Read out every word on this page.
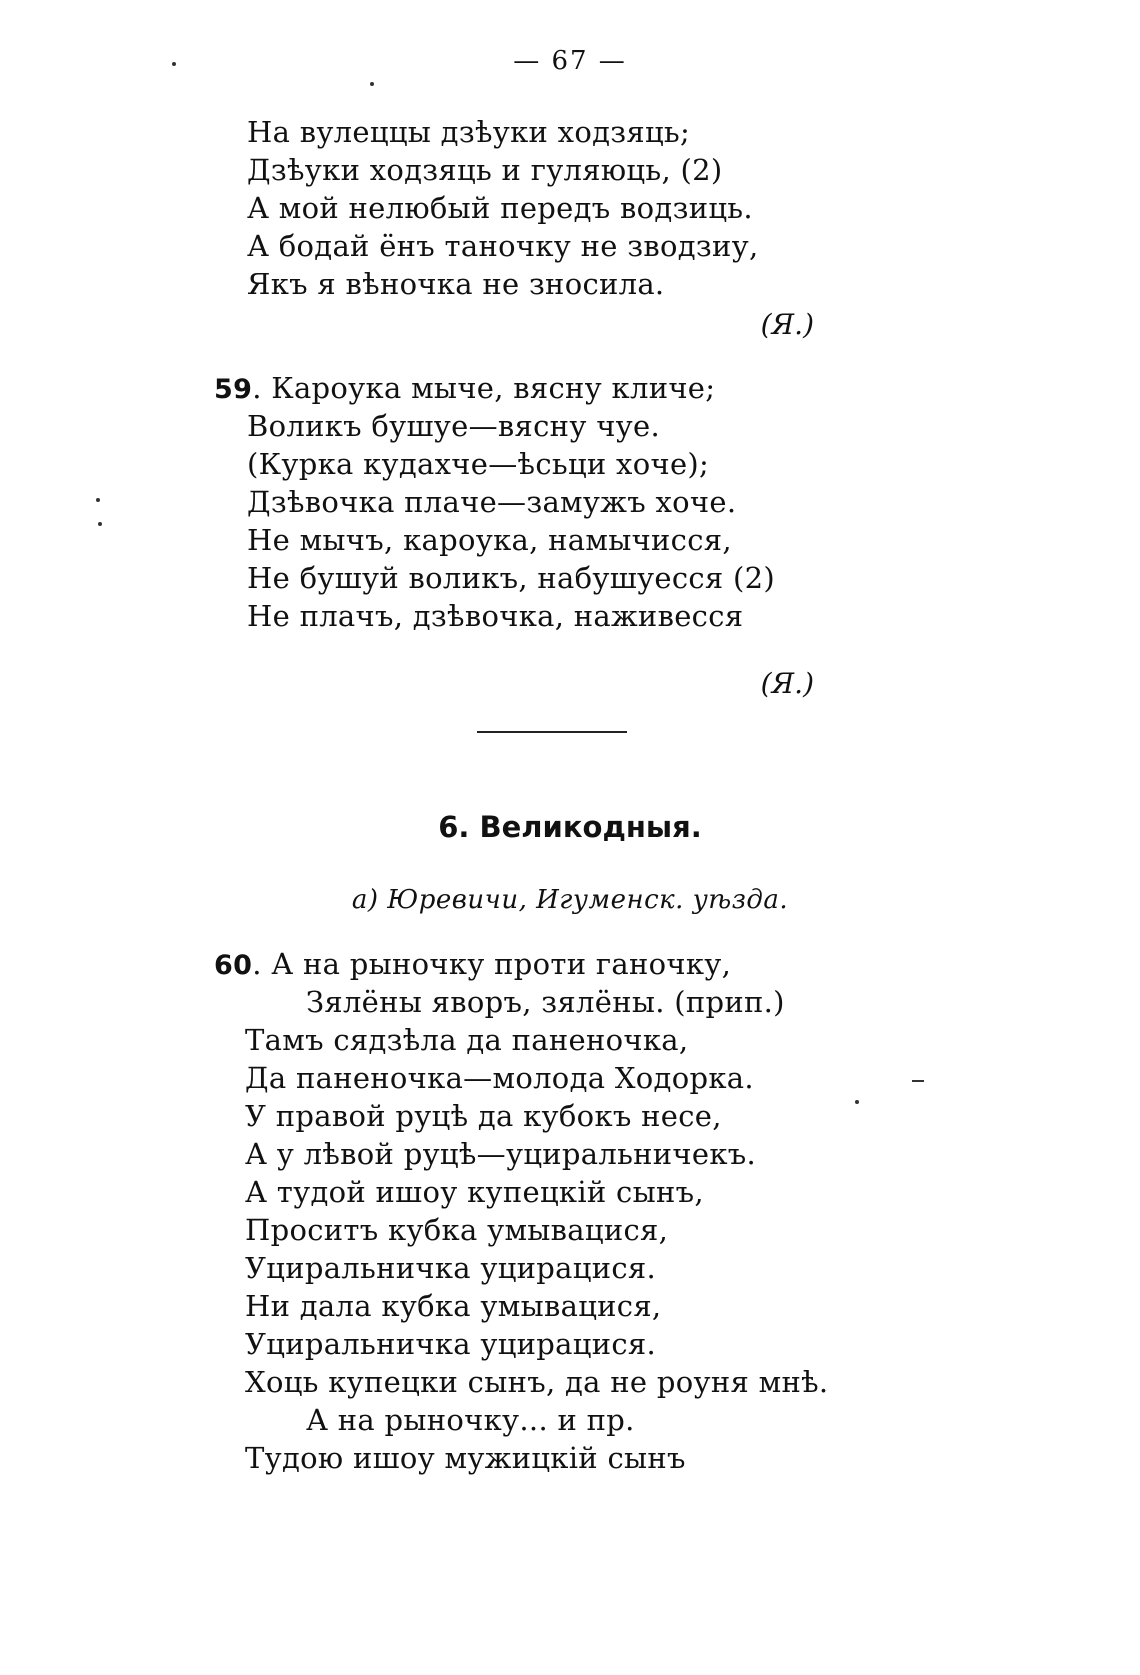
— 67 —
На вулеццы дзѣуки ходзяць;
Дзѣуки ходзяць и гуляюць, (2)
А мой нелюбый передъ водзиць.
А бодай ёнъ таночку не зводзиу,
Якъ я вѣночка не зносила.
(Я.)
59. Кароука мыче, вясну кличе;
Воликъ бушуе—вясну чуе.
(Курка кудахче—ѣсьци хоче);
Дзѣвочка плаче—замужъ хоче.
Не мычъ, кароука, намычисся,
Не бушуй воликъ, набушуесся (2)
Не плачъ, дзѣвочка, наживесся
(Я.)
6. Великодныя.
а) Юревичи, Игуменск. уѣзда.
60. А на рыночку проти ганочку,
Зялёны яворъ, зялёны. (прип.)
Тамъ сядзѣла да паненочка,
Да паненочка—молода Ходорка.
У правой руцѣ да кубокъ несе,
А у лѣвой руцѣ—уциральничекъ.
А тудой ишоу купецкій сынъ,
Проситъ кубка умывацися,
Уциральничка уцирацися.
Ни дала кубка умывацися,
Уциральничка уцирацися.
Хоць купецки сынъ, да не роуня мнѣ.
А на рыночку... и пр.
Тудою ишоу мужицкій сынъ
